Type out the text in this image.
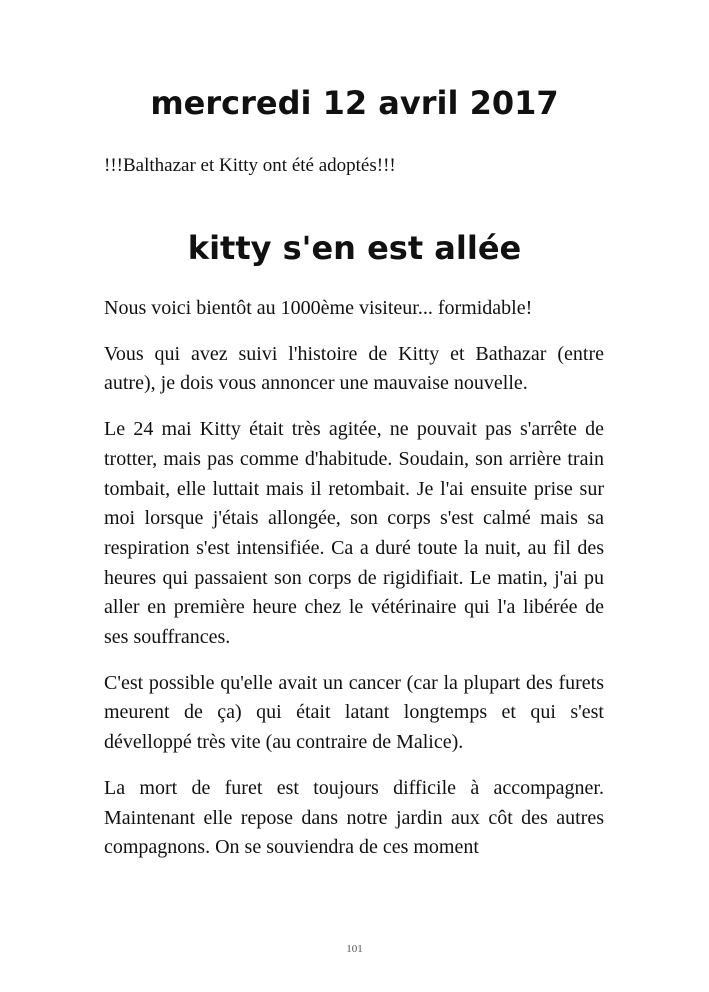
mercredi 12 avril 2017

!!!Balthazar et Kitty ont été adoptés!!!

kitty s'en est allée

Nous voici bientôt au 1000ème visiteur... formidable!

Vous qui avez suivi l'histoire de Kitty et Bathazar (entre autre), je dois vous annoncer une mauvaise nouvelle.

Le 24 mai Kitty était très agitée, ne pouvait pas s'arrête de trotter, mais pas comme d'habitude. Soudain, son arrière train tombait, elle luttait mais il retombait. Je l'ai ensuite prise sur moi lorsque j'étais allongée, son corps s'est calmé mais sa respiration s'est intensifiée. Ca a duré toute la nuit, au fil des heures qui passaient son corps de rigidifiait. Le matin, j'ai pu aller en première heure chez le vétérinaire qui l'a libérée de ses souffrances.

C'est possible qu'elle avait un cancer (car la plupart des furets meurent de ça) qui était latant longtemps et qui s'est dévelloppé très vite (au contraire de Malice).

La mort de furet est toujours difficile à accompagner. Maintenant elle repose dans notre jardin aux côt des autres compagnons. On se souviendra de ces moment

101
